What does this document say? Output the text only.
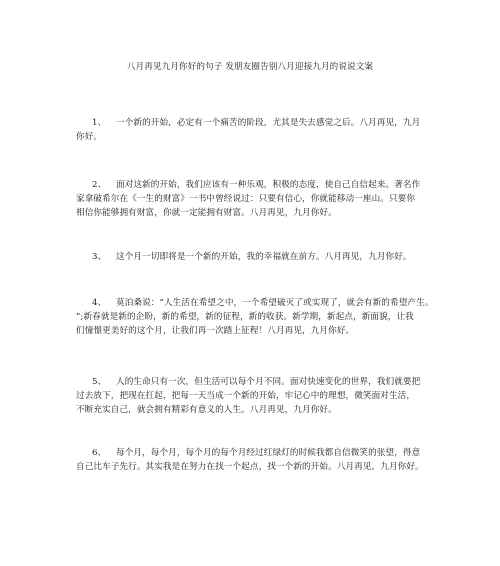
八月再见九月你好的句子 发朋友圈告别八月迎接九月的说说文案
1、 一个新的开始，必定有一个痛苦的阶段，尤其是失去感觉之后。八月再见，九月
你好。
2、 面对这新的开始，我们应该有一种乐观，积极的态度，使自己自信起来。著名作
家拿破希尔在《一生的财富》一书中曾经说过：只要有信心，你就能移动一座山。只要你
相信你能够拥有财富，你就一定能拥有财富。八月再见，九月你好。
3、 这个月一切即将是一个新的开始，我的幸福就在前方。八月再见，九月你好。
4、 莫泊桑说：“人生活在希望之中，一个希望破灭了或实现了，就会有新的希望产生。
”;新春就是新的企盼，新的希望，新的征程，新的收获。新学期，新起点，新面貌，让我
们憧憬更美好的这个月，让我们再一次踏上征程！八月再见，九月你好。
5、 人的生命只有一次，但生活可以每个月不同。面对快速变化的世界，我们就要把
过去放下，把现在扛起，把每一天当成一个新的开始，牢记心中的理想，微笑面对生活，
不断充实自己，就会拥有精彩有意义的人生。八月再见，九月你好。
6、 每个月，每个月，每个月的每个月经过红绿灯的时候我都自信微笑的张望，得意
自己比车子先行。其实我是在努力在找一个起点，找一个新的开始。八月再见，九月你好。
